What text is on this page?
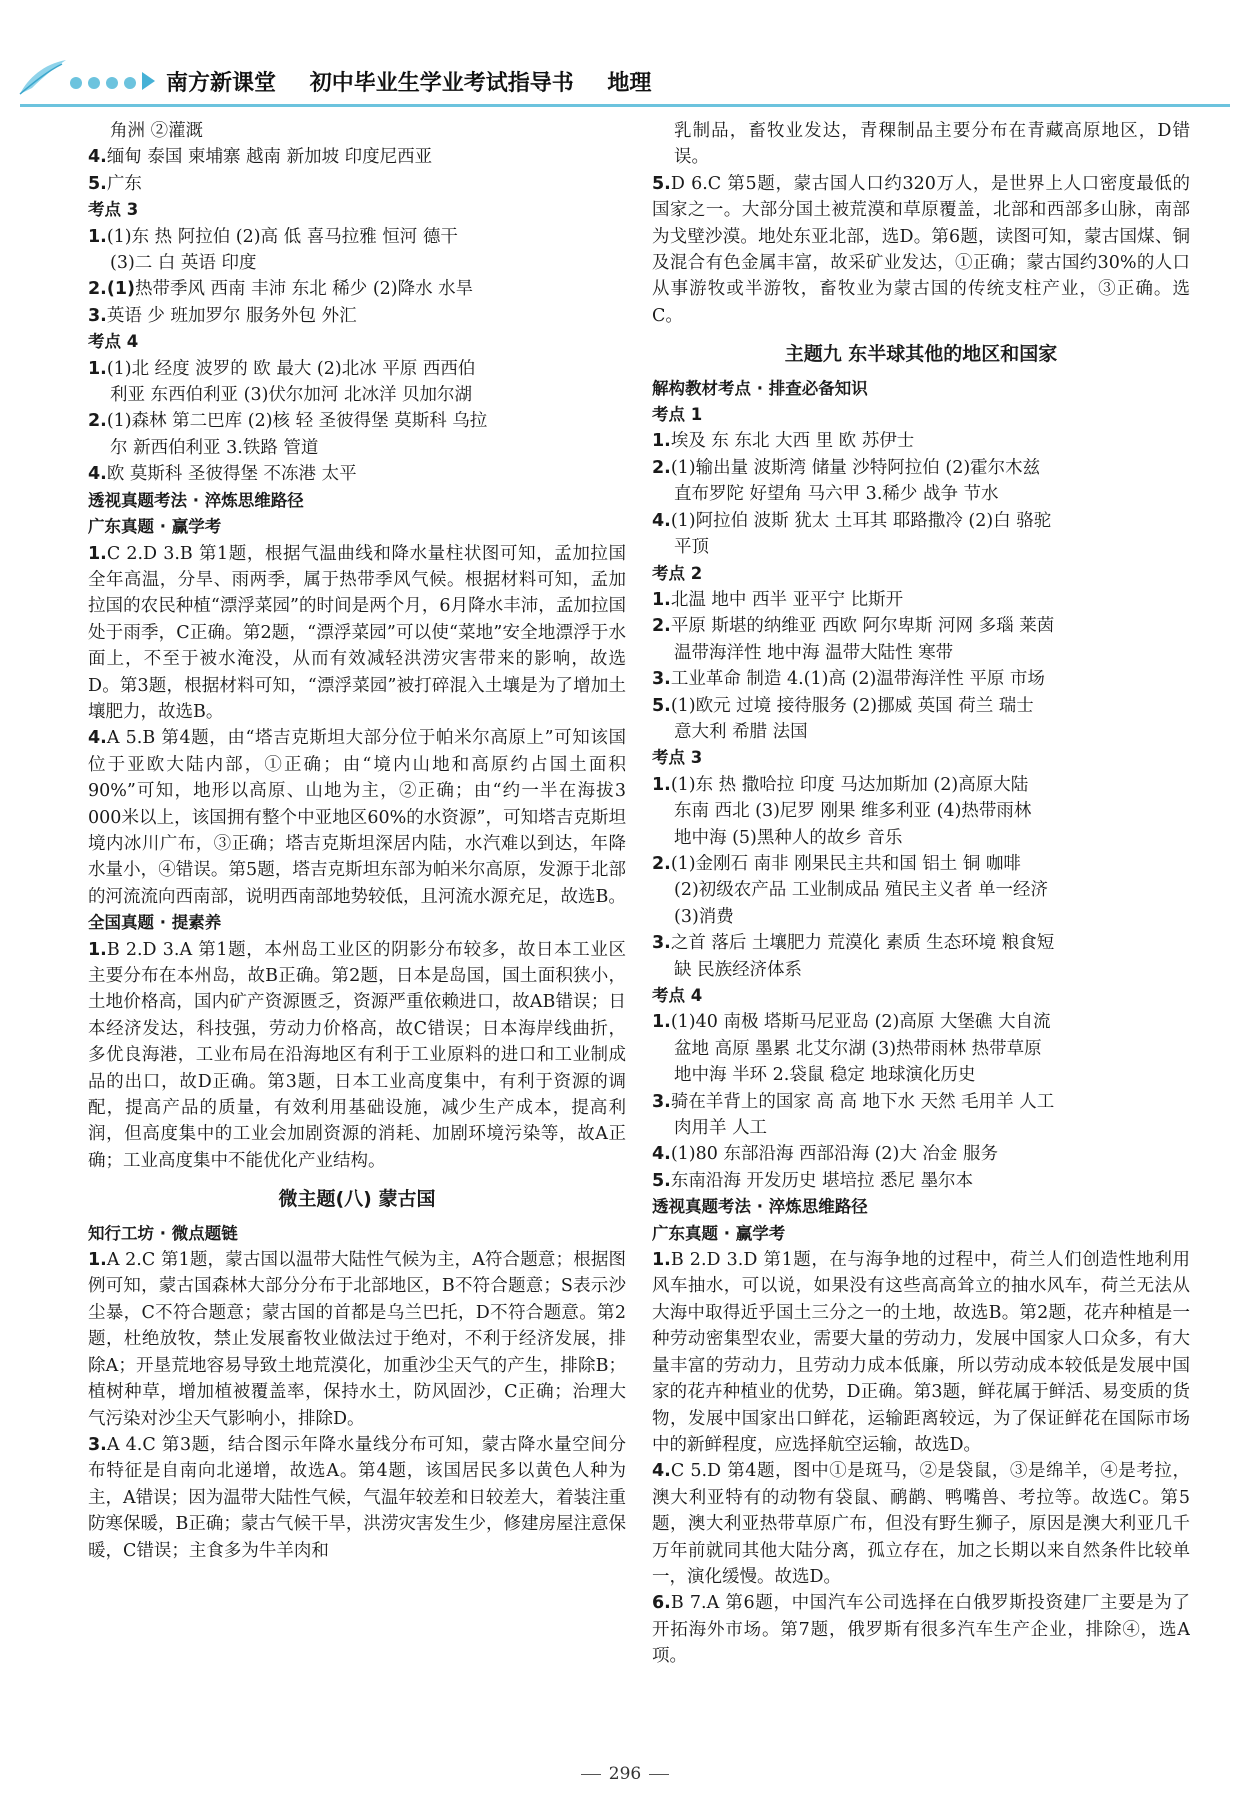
南方新课堂 初中毕业生学业考试指导书 地理
角洲 ②灌溉
4.缅甸 泰国 柬埔寨 越南 新加坡 印度尼西亚
5.广东
考点 3
1.(1)东 热 阿拉伯 (2)高 低 喜马拉雅 恒河 德干
(3)二 白 英语 印度
2.(1)热带季风 西南 丰沛 东北 稀少 (2)降水 水旱
3.英语 少 班加罗尔 服务外包 外汇
考点 4
1.(1)北 经度 波罗的 欧 最大 (2)北冰 平原 西西伯
利亚 东西伯利亚 (3)伏尔加河 北冰洋 贝加尔湖
2.(1)森林 第二巴库 (2)核 轻 圣彼得堡 莫斯科 乌拉
尔 新西伯利亚 3.铁路 管道
4.欧 莫斯科 圣彼得堡 不冻港 太平
透视真题考法 · 淬炼思维路径
广东真题 · 赢学考
1.C 2.D 3.B 第1题，根据气温曲线和降水量柱状图可知，孟加拉国全年高温，分旱、雨两季，属于热带季风气候。根据材料可知，孟加拉国的农民种植“漂浮菜园”的时间是两个月，6月降水丰沛，孟加拉国处于雨季，C正确。第2题，“漂浮菜园”可以使“菜地”安全地漂浮于水面上，不至于被水淹没，从而有效减轻洪涝灾害带来的影响，故选D。第3题，根据材料可知，“漂浮菜园”被打碎混入土壤是为了增加土壤肥力，故选B。
4.A 5.B 第4题，由“塔吉克斯坦大部分位于帕米尔高原上”可知该国位于亚欧大陆内部，①正确；由“境内山地和高原约占国土面积90%”可知，地形以高原、山地为主，②正确；由“约一半在海拔3 000米以上，该国拥有整个中亚地区60%的水资源”，可知塔吉克斯坦境内冰川广布，③正确；塔吉克斯坦深居内陆，水汽难以到达，年降水量小，④错误。第5题，塔吉克斯坦东部为帕米尔高原，发源于北部的河流流向西南部，说明西南部地势较低，且河流水源充足，故选B。
全国真题 · 提素养
1.B 2.D 3.A 第1题，本州岛工业区的阴影分布较多，故日本工业区主要分布在本州岛，故B正确。第2题，日本是岛国，国土面积狭小，土地价格高，国内矿产资源匮乏，资源严重依赖进口，故AB错误；日本经济发达，科技强，劳动力价格高，故C错误；日本海岸线曲折，多优良海港，工业布局在沿海地区有利于工业原料的进口和工业制成品的出口，故D正确。第3题，日本工业高度集中，有利于资源的调配，提高产品的质量，有效利用基础设施，减少生产成本，提高利润，但高度集中的工业会加剧资源的消耗、加剧环境污染等，故A正确；工业高度集中不能优化产业结构。
微主题(八) 蒙古国
知行工坊 · 微点题链
1.A 2.C 第1题，蒙古国以温带大陆性气候为主，A符合题意；根据图例可知，蒙古国森林大部分分布于北部地区，B不符合题意；S表示沙尘暴，C不符合题意；蒙古国的首都是乌兰巴托，D不符合题意。第2题，杜绝放牧，禁止发展畜牧业做法过于绝对，不利于经济发展，排除A；开垦荒地容易导致土地荒漠化，加重沙尘天气的产生，排除B；植树种草，增加植被覆盖率，保持水土，防风固沙，C正确；治理大气污染对沙尘天气影响小，排除D。
3.A 4.C 第3题，结合图示年降水量线分布可知，蒙古降水量空间分布特征是自南向北递增，故选A。第4题，该国居民多以黄色人种为主，A错误；因为温带大陆性气候，气温年较差和日较差大，着装注重防寒保暖，B正确；蒙古气候干旱，洪涝灾害发生少，修建房屋注意保暖，C错误；主食多为牛羊肉和
乳制品，畜牧业发达，青稞制品主要分布在青藏高原地区，D错误。
5.D 6.C 第5题，蒙古国人口约320万人，是世界上人口密度最低的国家之一。大部分国土被荒漠和草原覆盖，北部和西部多山脉，南部为戈壁沙漠。地处东亚北部，选D。第6题，读图可知，蒙古国煤、铜及混合有色金属丰富，故采矿业发达，①正确；蒙古国约30%的人口从事游牧或半游牧，畜牧业为蒙古国的传统支柱产业，③正确。选C。
主题九 东半球其他的地区和国家
解构教材考点 · 排查必备知识
考点 1
1.埃及 东 东北 大西 里 欧 苏伊士
2.(1)输出量 波斯湾 储量 沙特阿拉伯 (2)霍尔木兹
直布罗陀 好望角 马六甲 3.稀少 战争 节水
4.(1)阿拉伯 波斯 犹太 土耳其 耶路撒冷 (2)白 骆驼
平顶
考点 2
1.北温 地中 西半 亚平宁 比斯开
2.平原 斯堪的纳维亚 西欧 阿尔卑斯 河网 多瑙 莱茵
温带海洋性 地中海 温带大陆性 寒带
3.工业革命 制造 4.(1)高 (2)温带海洋性 平原 市场
5.(1)欧元 过境 接待服务 (2)挪威 英国 荷兰 瑞士
意大利 希腊 法国
考点 3
1.(1)东 热 撒哈拉 印度 马达加斯加 (2)高原大陆
东南 西北 (3)尼罗 刚果 维多利亚 (4)热带雨林
地中海 (5)黑种人的故乡 音乐
2.(1)金刚石 南非 刚果民主共和国 铝土 铜 咖啡
(2)初级农产品 工业制成品 殖民主义者 单一经济
(3)消费
3.之首 落后 土壤肥力 荒漠化 素质 生态环境 粮食短
缺 民族经济体系
考点 4
1.(1)40 南极 塔斯马尼亚岛 (2)高原 大堡礁 大自流
盆地 高原 墨累 北艾尔湖 (3)热带雨林 热带草原
地中海 半环 2.袋鼠 稳定 地球演化历史
3.骑在羊背上的国家 高 高 地下水 天然 毛用羊 人工
肉用羊 人工
4.(1)80 东部沿海 西部沿海 (2)大 冶金 服务
5.东南沿海 开发历史 堪培拉 悉尼 墨尔本
透视真题考法 · 淬炼思维路径
广东真题 · 赢学考
1.B 2.D 3.D 第1题，在与海争地的过程中，荷兰人们创造性地利用风车抽水，可以说，如果没有这些高高耸立的抽水风车，荷兰无法从大海中取得近乎国土三分之一的土地，故选B。第2题，花卉种植是一种劳动密集型农业，需要大量的劳动力，发展中国家人口众多，有大量丰富的劳动力，且劳动力成本低廉，所以劳动成本较低是发展中国家的花卉种植业的优势，D正确。第3题，鲜花属于鲜活、易变质的货物，发展中国家出口鲜花，运输距离较远，为了保证鲜花在国际市场中的新鲜程度，应选择航空运输，故选D。
4.C 5.D 第4题，图中①是斑马，②是袋鼠，③是绵羊，④是考拉，澳大利亚特有的动物有袋鼠、鸸鹋、鸭嘴兽、考拉等。故选C。第5题，澳大利亚热带草原广布，但没有野生狮子，原因是澳大利亚几千万年前就同其他大陆分离，孤立存在，加之长期以来自然条件比较单一，演化缓慢。故选D。
6.B 7.A 第6题，中国汽车公司选择在白俄罗斯投资建厂主要是为了开拓海外市场。第7题，俄罗斯有很多汽车生产企业，排除④，选A项。
296
